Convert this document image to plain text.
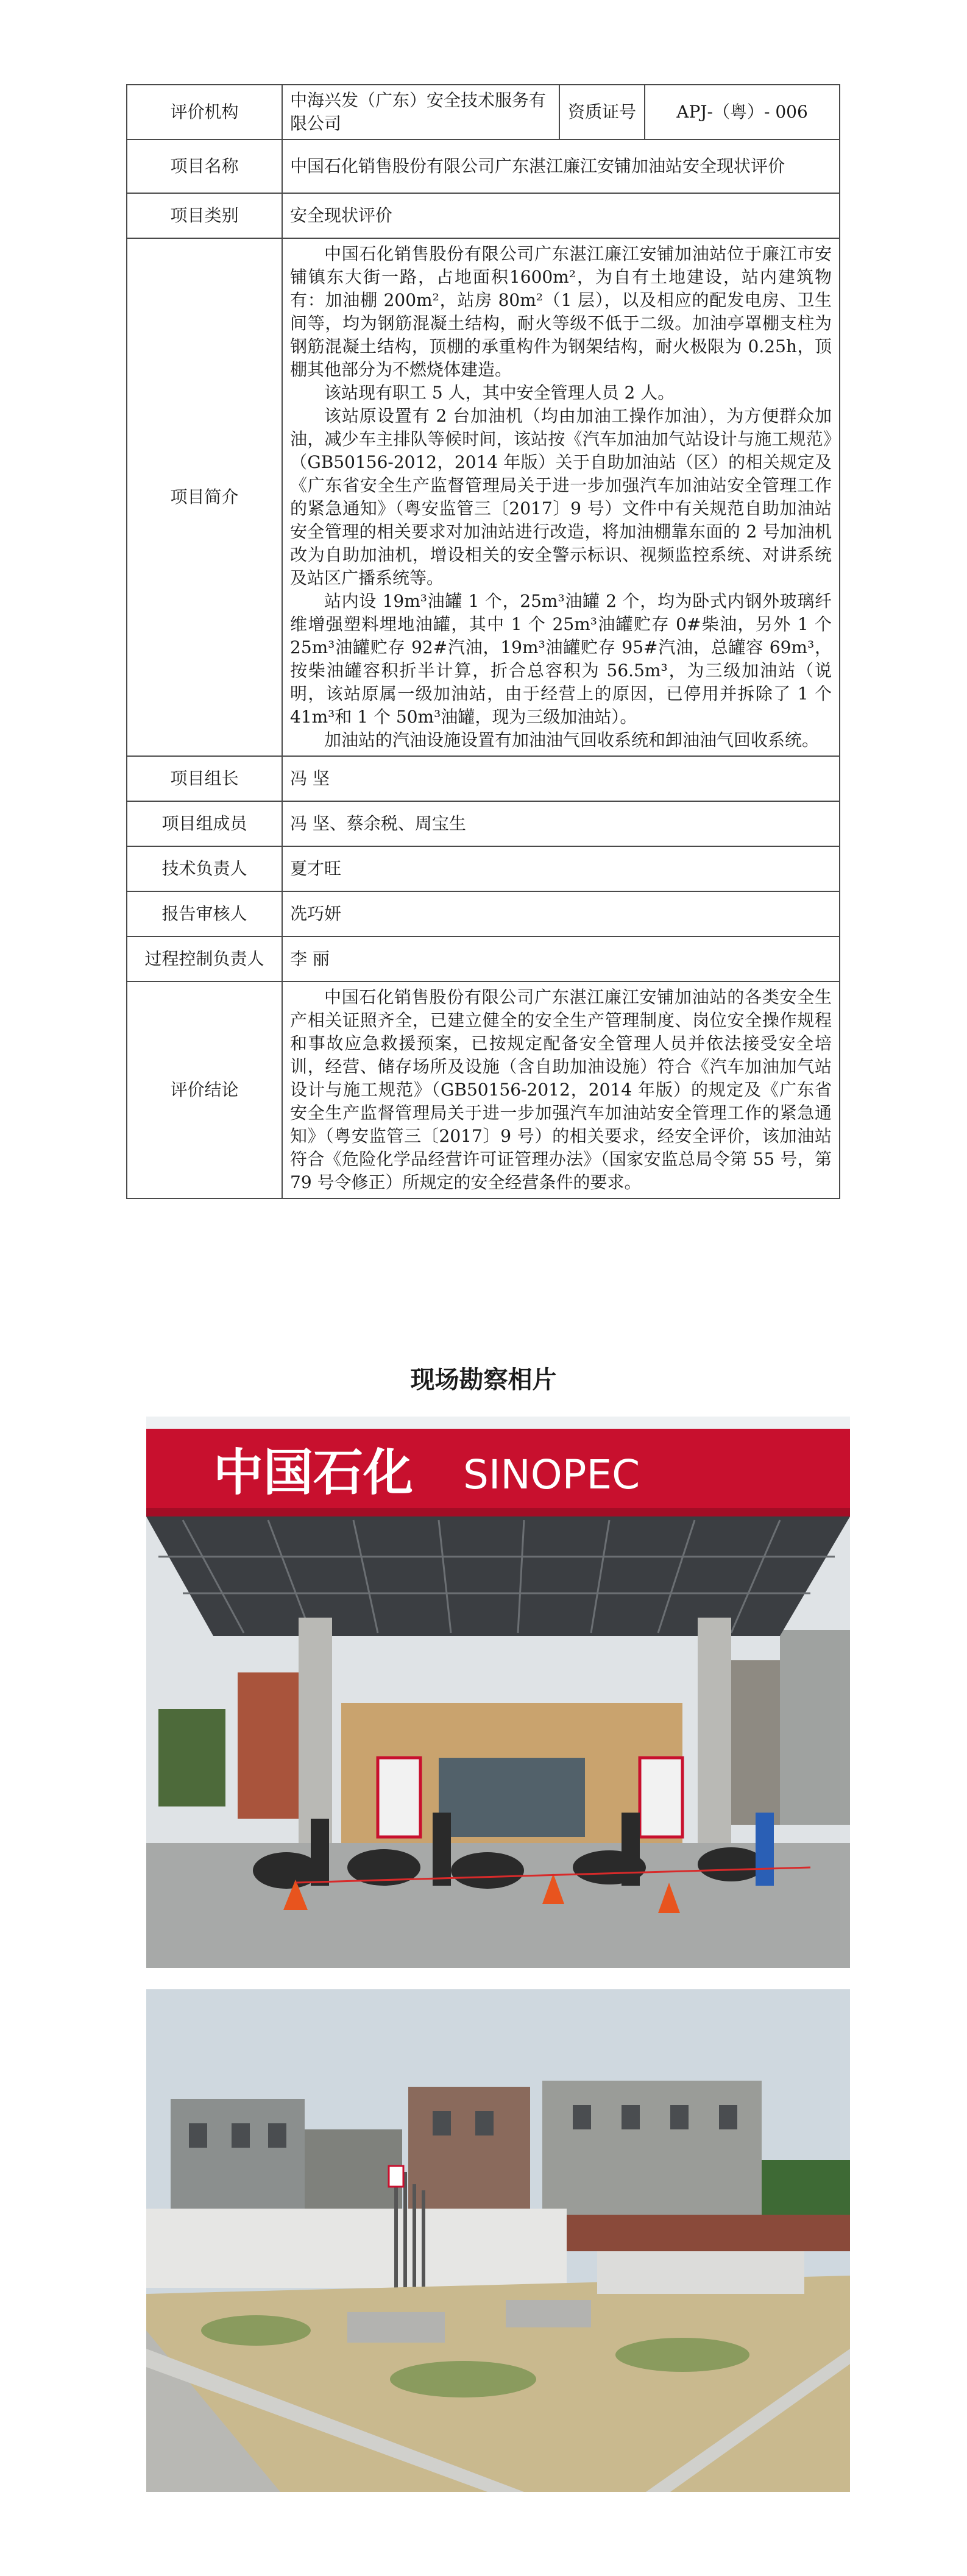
评价机构	中海兴发（广东）安全技术服务有限公司	资质证号	APJ-（粤）- 006
项目名称	中国石化销售股份有限公司广东湛江廉江安铺加油站安全现状评价		
项目类别	安全现状评价		
项目简介	中国石化销售股份有限公司广东湛江廉江安铺加油站位于廉江市安铺镇东大街一路，占地面积1600m²，为自有土地建设，站内建筑物有：加油棚 200m²，站房 80m²（1 层），以及相应的配发电房、卫生间等，均为钢筋混凝土结构，耐火等级不低于二级。加油亭罩棚支柱为钢筋混凝土结构，顶棚的承重构件为钢架结构，耐火极限为 0.25h，顶棚其他部分为不燃烧体建造。

该站现有职工 5 人，其中安全管理人员 2 人。

该站原设置有 2 台加油机（均由加油工操作加油），为方便群众加油，减少车主排队等候时间，该站按《汽车加油加气站设计与施工规范》（GB50156-2012，2014 年版）关于自助加油站（区）的相关规定及《广东省安全生产监督管理局关于进一步加强汽车加油站安全管理工作的紧急通知》（粤安监管三〔2017〕9 号）文件中有关规范自助加油站安全管理的相关要求对加油站进行改造，将加油棚靠东面的 2 号加油机改为自助加油机，增设相关的安全警示标识、视频监控系统、对讲系统及站区广播系统等。

站内设 19m³油罐 1 个，25m³油罐 2 个，均为卧式内钢外玻璃纤维增强塑料埋地油罐，其中 1 个 25m³油罐贮存 0#柴油，另外 1 个 25m³油罐贮存 92#汽油，19m³油罐贮存 95#汽油，总罐容 69m³，按柴油罐容积折半计算，折合总容积为 56.5m³，为三级加油站（说明，该站原属一级加油站，由于经营上的原因，已停用并拆除了 1 个 41m³和 1 个 50m³油罐，现为三级加油站）。

加油站的汽油设施设置有加油油气回收系统和卸油油气回收系统。		

项目组长	冯 坚		
项目组成员	冯 坚、蔡余税、周宝生		
技术负责人	夏才旺		
报告审核人	冼巧妍		
过程控制负责人	李 丽		
评价结论	中国石化销售股份有限公司广东湛江廉江安铺加油站的各类安全生产相关证照齐全，已建立健全的安全生产管理制度、岗位安全操作规程和事故应急救援预案，已按规定配备安全管理人员并依法接受安全培训，经营、储存场所及设施（含自助加油设施）符合《汽车加油加气站设计与施工规范》（GB50156-2012，2014 年版）的规定及《广东省安全生产监督管理局关于进一步加强汽车加油站安全管理工作的紧急通知》（粤安监管三〔2017〕9 号）的相关要求，经安全评价，该加油站符合《危险化学品经营许可证管理办法》（国家安监总局令第 55 号，第 79 号令修正）所规定的安全经营条件的要求。		

现场勘察相片
中国石化 SINOPEC
